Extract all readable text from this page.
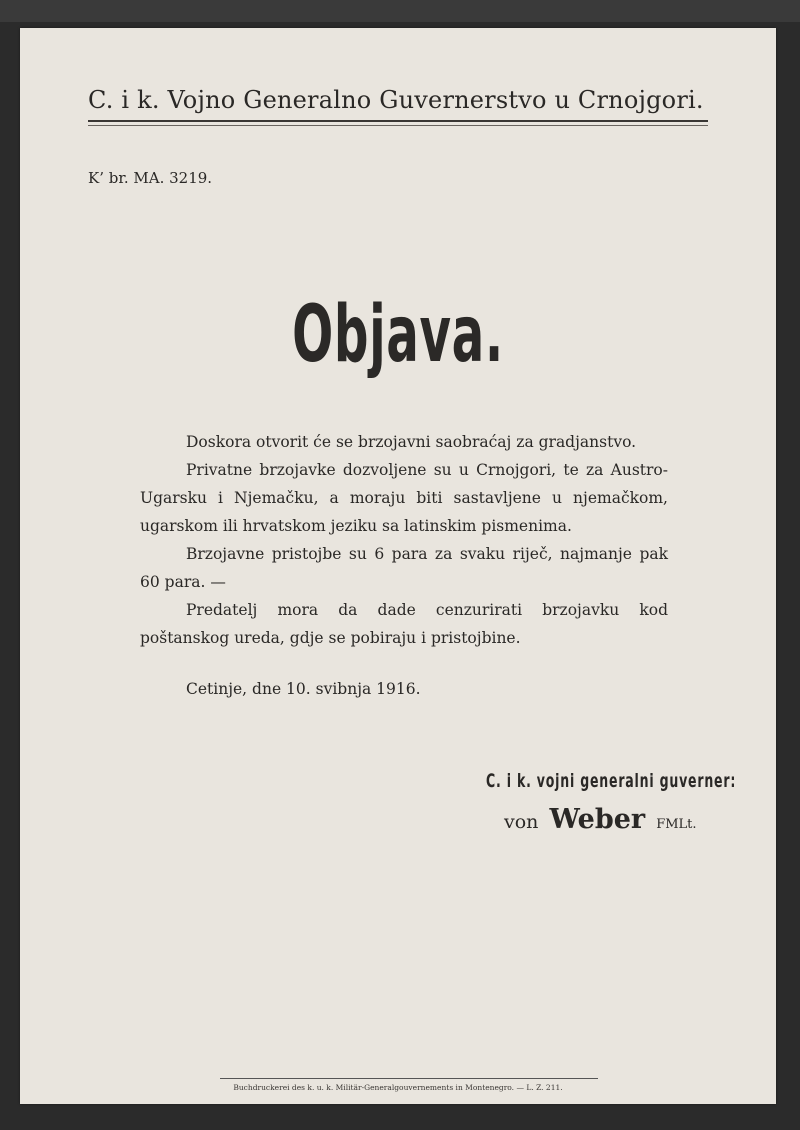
C. i k. Vojno Generalno Guvernerstvo u Crnojgori.
K’ br. MA. 3219.
Objava.

Doskora otvorit će se brzojavni saobraćaj za gradjanstvo.

Privatne brzojavke dozvoljene su u Crnojgori, te za Austro-Ugarsku i Njemačku, a moraju biti sastavljene u njemačkom, ugarskom ili hrvatskom jeziku sa latinskim pismenima.

Brzojavne pristojbe su 6 para za svaku riječ, najmanje pak 60 para. —

Predatelj mora da dade cenzurirati brzojavku kod poštanskog ureda, gdje se pobiraju i pristojbine.

Cetinje, dne 10. svibnja 1916.
C. i k. vojni generalni guverner:
von Weber FMLt.
Buchdruckerei des k. u. k. Militär-Generalgouvernements in Montenegro. — L. Z. 211.
